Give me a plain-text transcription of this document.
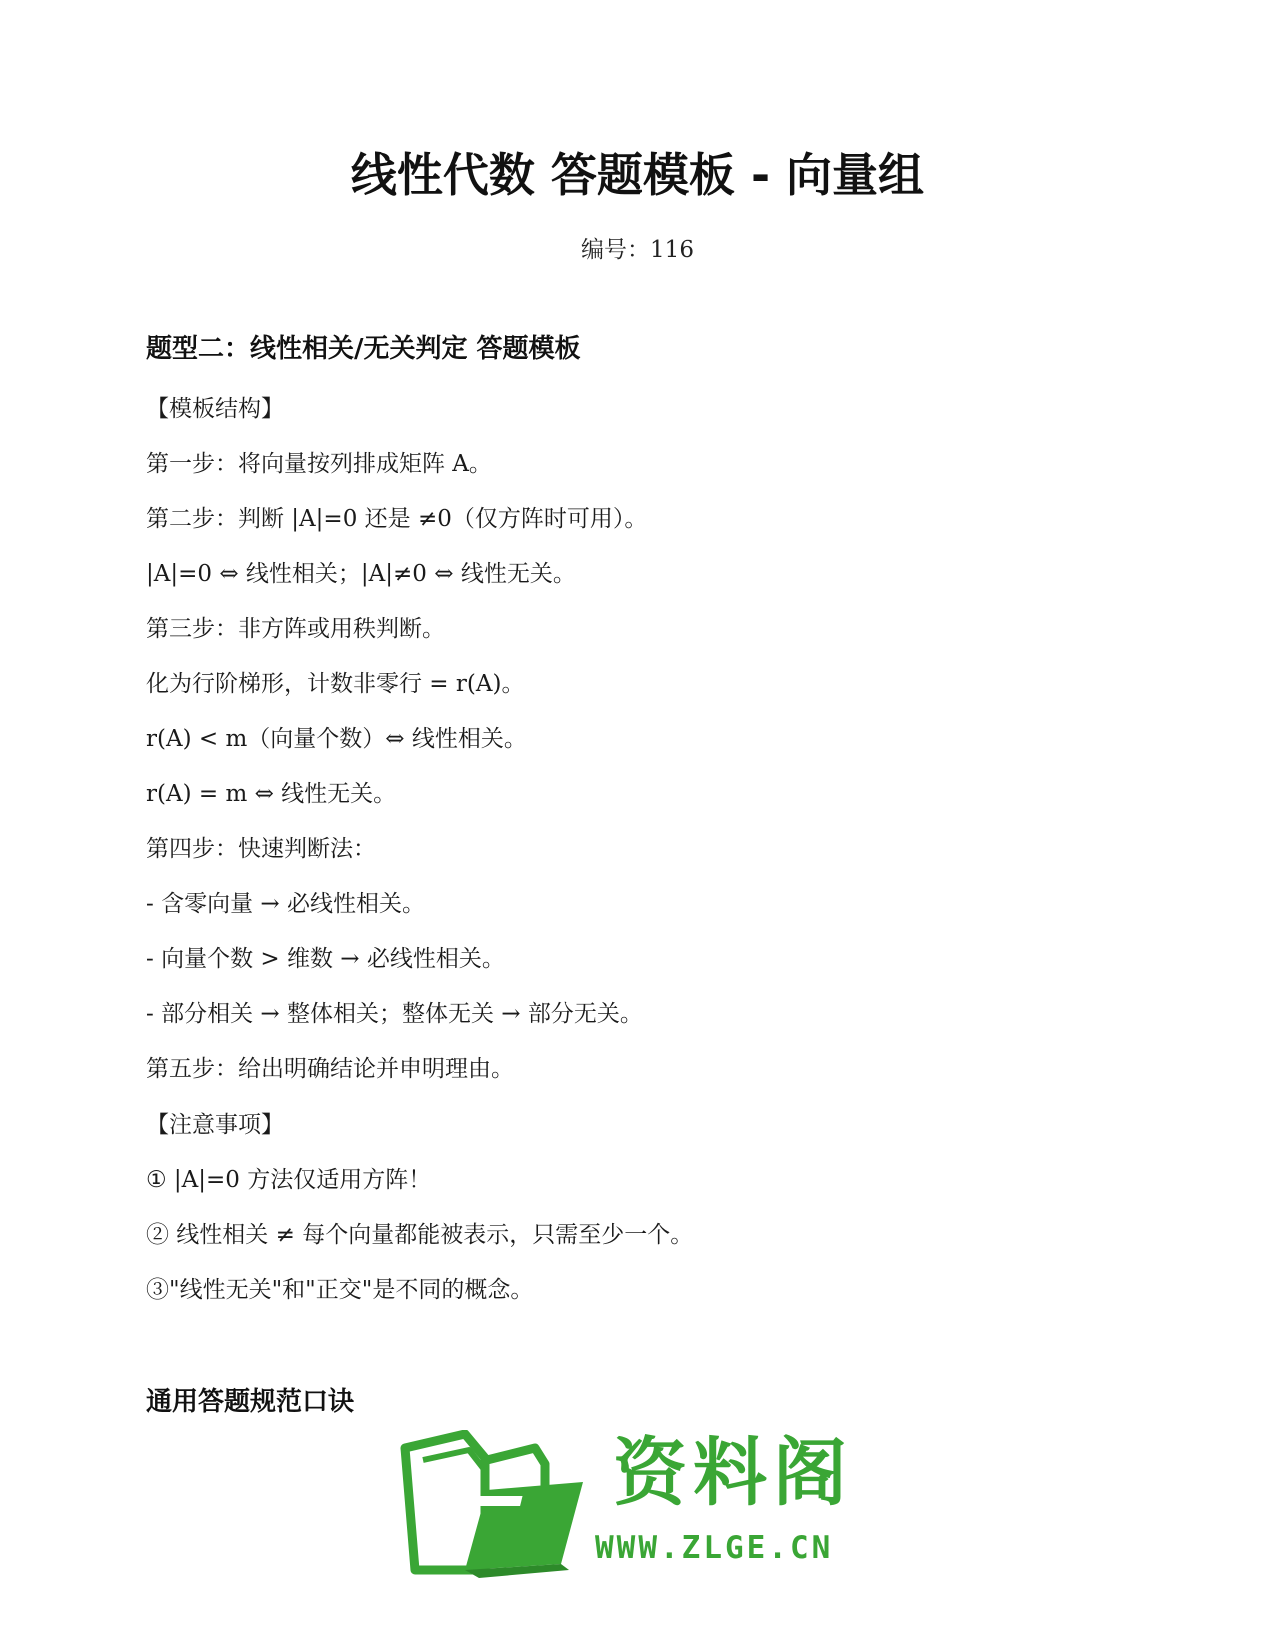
线性代数 答题模板 - 向量组
编号：116
题型二：线性相关/无关判定 答题模板
【模板结构】
第一步：将向量按列排成矩阵 A。
第二步：判断 |A|=0 还是 ≠0（仅方阵时可用）。
|A|=0 ⇔ 线性相关；|A|≠0 ⇔ 线性无关。
第三步：非方阵或用秩判断。
化为行阶梯形，计数非零行 = r(A)。
r(A) < m（向量个数）⇔ 线性相关。
r(A) = m ⇔ 线性无关。
第四步：快速判断法：
- 含零向量 → 必线性相关。
- 向量个数 > 维数 → 必线性相关。
- 部分相关 → 整体相关；整体无关 → 部分无关。
第五步：给出明确结论并申明理由。
【注意事项】
① |A|=0 方法仅适用方阵！
② 线性相关 ≠ 每个向量都能被表示，只需至少一个。
③"线性无关"和"正交"是不同的概念。
通用答题规范口诀
资料阁
WWW.ZLGE.CN
